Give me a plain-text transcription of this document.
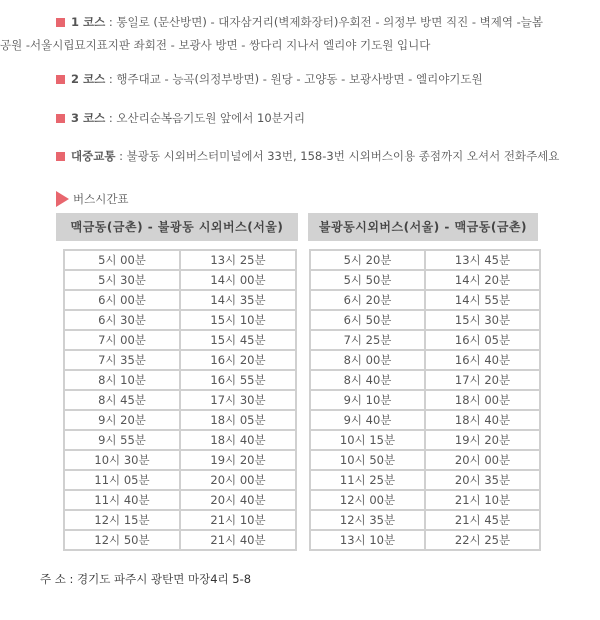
1 코스 : 통일로 (문산방면) - 대자삼거리(벽제화장터)우회전 - 의정부 방면 직진 - 벽제역 -늘봄
공원 -서울시립묘지표지판 좌회전 - 보광사 방면 - 쌍다리 지나서 엘리야 기도원 입니다
2 코스 : 행주대교 - 능곡(의정부방면) - 원당 - 고양동 - 보광사방면 - 엘리야기도원
3 코스 : 오산리순복음기도원 앞에서 10분거리
대중교통 : 불광동 시외버스터미널에서 33번, 158-3번 시외버스이용 종점까지 오셔서 전화주세요
버스시간표
맥금동(금촌) - 불광동 시외버스(서울)	불광동시외버스(서울) - 맥금동(금촌)
5시 00분	13시 25분
5시 30분	14시 00분
6시 00분	14시 35분
6시 30분	15시 10분
7시 00분	15시 45분
7시 35분	16시 20분
8시 10분	16시 55분
8시 45분	17시 30분
9시 20분	18시 05분
9시 55분	18시 40분
10시 30분	19시 20분
11시 05분	20시 00분
11시 40분	20시 40분
12시 15분	21시 10분
12시 50분	21시 40분
5시 20분	13시 45분
5시 50분	14시 20분
6시 20분	14시 55분
6시 50분	15시 30분
7시 25분	16시 05분
8시 00분	16시 40분
8시 40분	17시 20분
9시 10분	18시 00분
9시 40분	18시 40분
10시 15분	19시 20분
10시 50분	20시 00분
11시 25분	20시 35분
12시 00분	21시 10분
12시 35분	21시 45분
13시 10분	22시 25분
주 소 : 경기도 파주시 광탄면 마장4리 5-8
